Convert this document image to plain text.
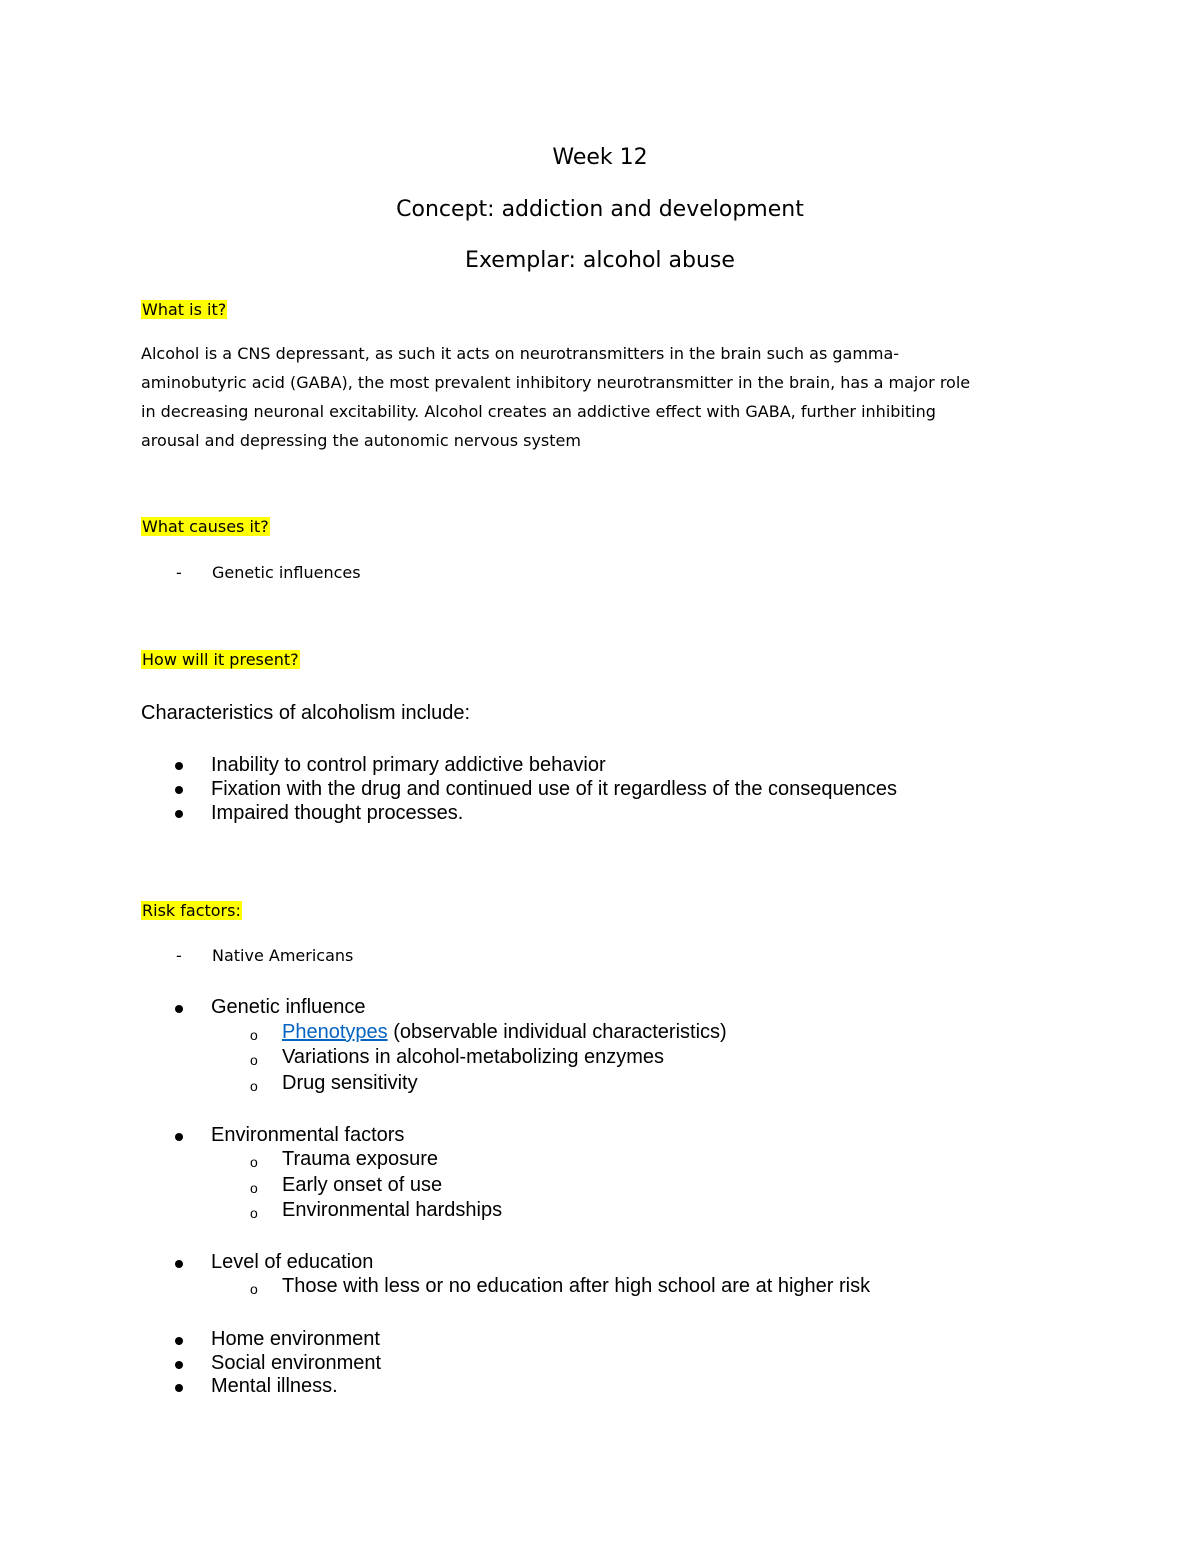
Week 12
Concept: addiction and development
Exemplar: alcohol abuse
What is it?
Alcohol is a CNS depressant, as such it acts on neurotransmitters in the brain such as gamma-
aminobutyric acid (GABA), the most prevalent inhibitory neurotransmitter in the brain, has a major role
in decreasing neuronal excitability. Alcohol creates an addictive effect with GABA, further inhibiting
arousal and depressing the autonomic nervous system
What causes it?
- Genetic influences
How will it present?
Characteristics of alcoholism include:
Inability to control primary addictive behavior
Fixation with the drug and continued use of it regardless of the consequences
Impaired thought processes.
Risk factors:
- Native Americans
Genetic influence
o Phenotypes (observable individual characteristics)
o Variations in alcohol-metabolizing enzymes
o Drug sensitivity
Environmental factors
o Trauma exposure
o Early onset of use
o Environmental hardships
Level of education
o Those with less or no education after high school are at higher risk
Home environment
Social environment
Mental illness.
